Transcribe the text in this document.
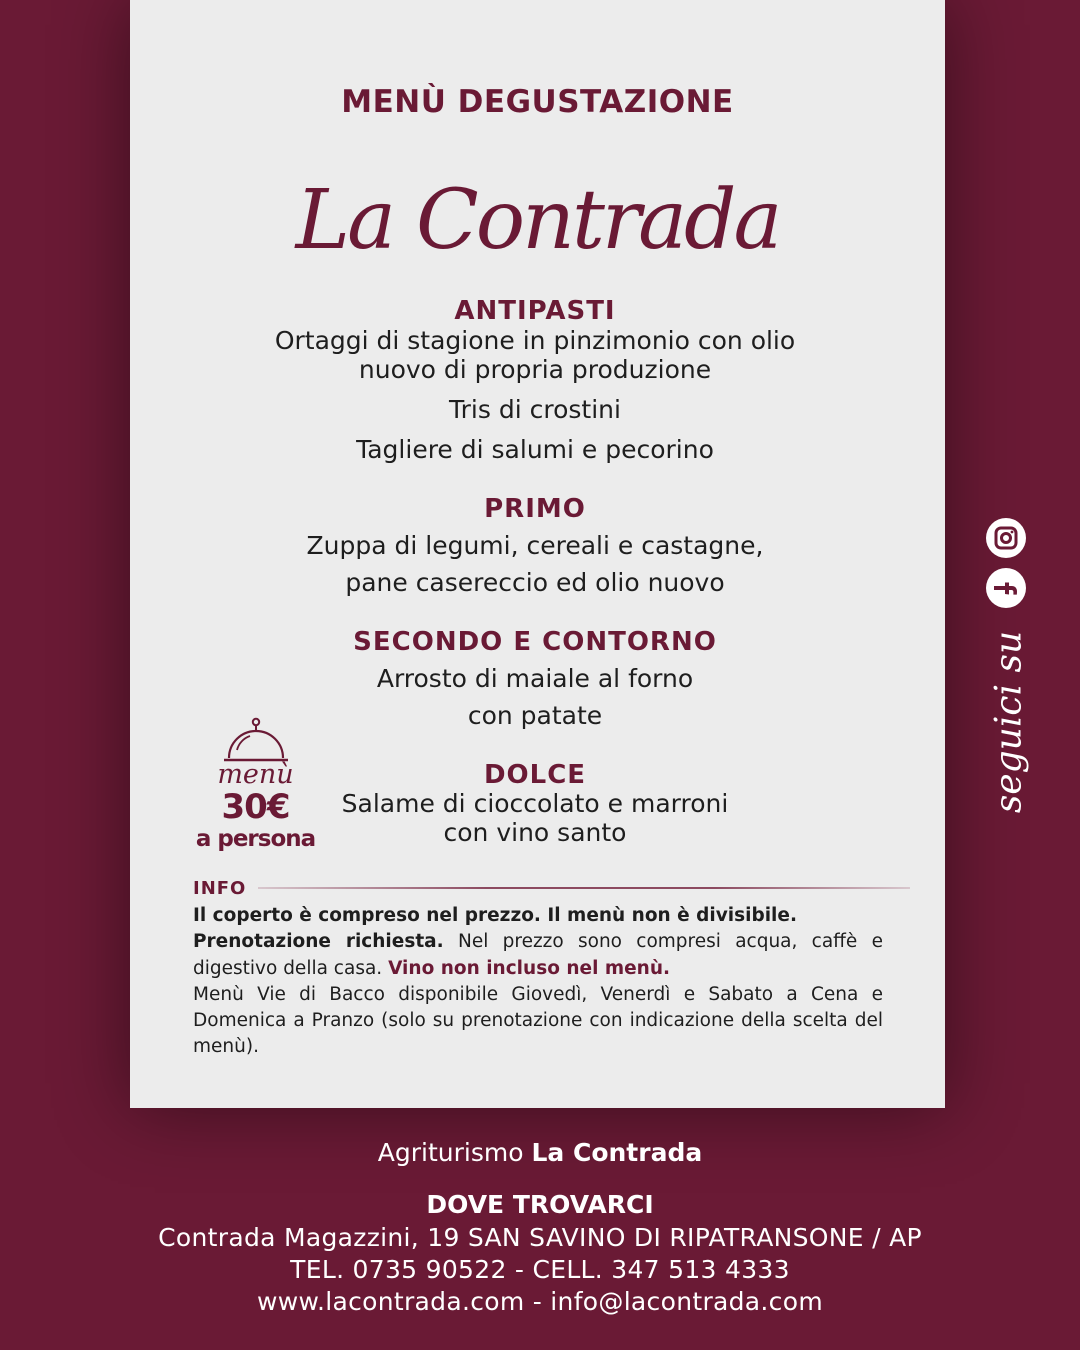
MENÙ DEGUSTAZIONE
La Contrada
ANTIPASTI
Ortaggi di stagione in pinzimonio con olio
nuovo di propria produzione
Tris di crostini
Tagliere di salumi e pecorino
PRIMO
Zuppa di legumi, cereali e castagne,
pane casereccio ed olio nuovo
SECONDO E CONTORNO
Arrosto di maiale al forno
con patate
DOLCE
Salame di cioccolato e marroni
con vino santo
menù
30€
a persona
INFO

Il coperto è compreso nel prezzo. Il menù non è divisibile.

Prenotazione richiesta. Nel prezzo sono compresi acqua, caffè e digestivo della casa. Vino non incluso nel menù.

Menù Vie di Bacco disponibile Giovedì, Venerdì e Sabato a Cena e Domenica a Pranzo (solo su prenotazione con indicazione della scelta del menù).

seguici su
Agriturismo La Contrada
DOVE TROVARCI
Contrada Magazzini, 19 SAN SAVINO DI RIPATRANSONE / AP
TEL. 0735 90522 - CELL. 347 513 4333
www.lacontrada.com - info@lacontrada.com
